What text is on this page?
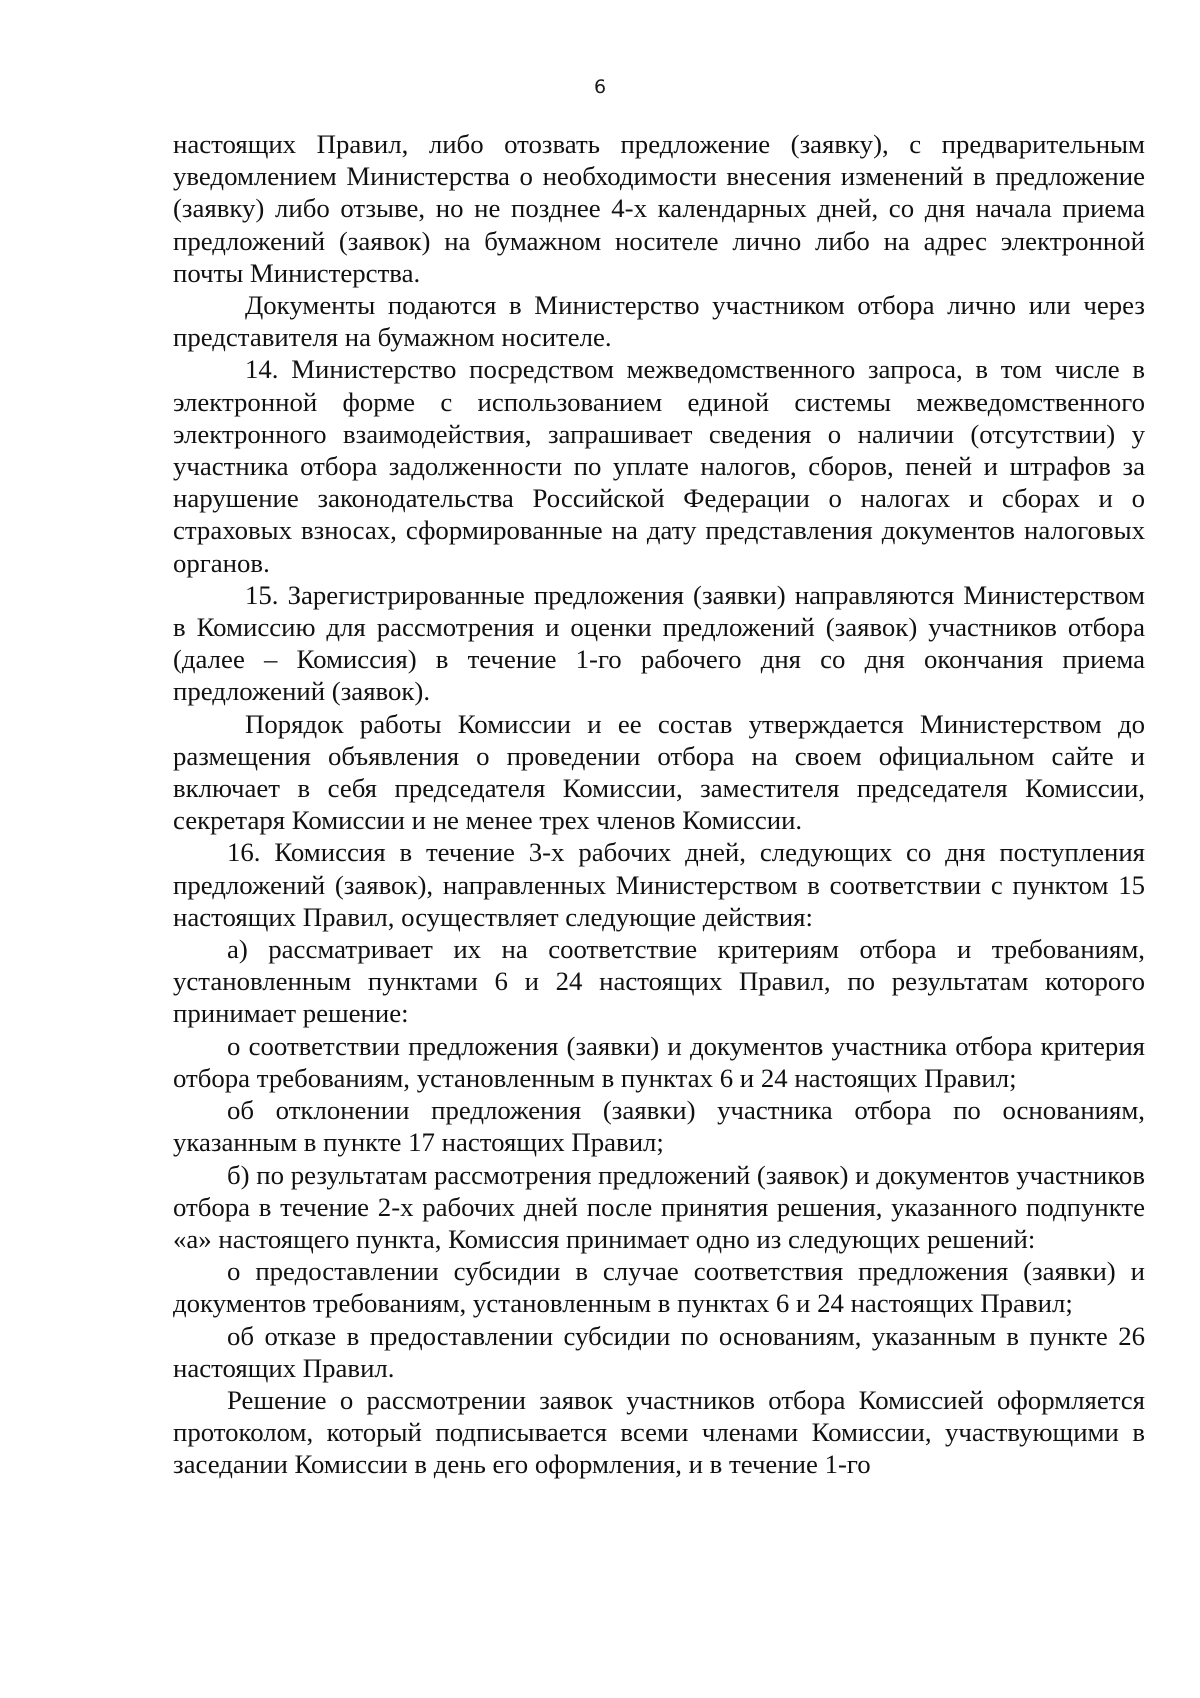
6

настоящих Правил, либо отозвать предложение (заявку), с предварительным уведомлением Министерства о необходимости внесения изменений в предложение (заявку) либо отзыве, но не позднее 4-х календарных дней, со дня начала приема предложений (заявок) на бумажном носителе лично либо на адрес электронной почты Министерства.

Документы подаются в Министерство участником отбора лично или через представителя на бумажном носителе.

14. Министерство посредством межведомственного запроса, в том числе в электронной форме с использованием единой системы межведомственного электронного взаимодействия, запрашивает сведения о наличии (отсутствии) у участника отбора задолженности по уплате налогов, сборов, пеней и штрафов за нарушение законодательства Российской Федерации о налогах и сборах и о страховых взносах, сформированные на дату представления документов налоговых органов.

15. Зарегистрированные предложения (заявки) направляются Министерством в Комиссию для рассмотрения и оценки предложений (заявок) участников отбора (далее – Комиссия) в течение 1-го рабочего дня со дня окончания приема предложений (заявок).

Порядок работы Комиссии и ее состав утверждается Министерством до размещения объявления о проведении отбора на своем официальном сайте и включает в себя председателя Комиссии, заместителя председателя Комиссии, секретаря Комиссии и не менее трех членов Комиссии.

16. Комиссия в течение 3-х рабочих дней, следующих со дня поступления предложений (заявок), направленных Министерством в соответствии с пунктом 15 настоящих Правил, осуществляет следующие действия:

а) рассматривает их на соответствие критериям отбора и требованиям, установленным пунктами 6 и 24 настоящих Правил, по результатам которого принимает решение:

о соответствии предложения (заявки) и документов участника отбора критерия отбора требованиям, установленным в пунктах 6 и 24 настоящих Правил;

об отклонении предложения (заявки) участника отбора по основаниям, указанным в пункте 17 настоящих Правил;

б) по результатам рассмотрения предложений (заявок) и документов участников отбора в течение 2-х рабочих дней после принятия решения, указанного подпункте «а» настоящего пункта, Комиссия принимает одно из следующих решений:

о предоставлении субсидии в случае соответствия предложения (заявки) и документов требованиям, установленным в пунктах 6 и 24 настоящих Правил;

об отказе в предоставлении субсидии по основаниям, указанным в пункте 26 настоящих Правил.

Решение о рассмотрении заявок участников отбора Комиссией оформляется протоколом, который подписывается всеми членами Комиссии, участвующими в заседании Комиссии в день его оформления, и в течение 1-го
